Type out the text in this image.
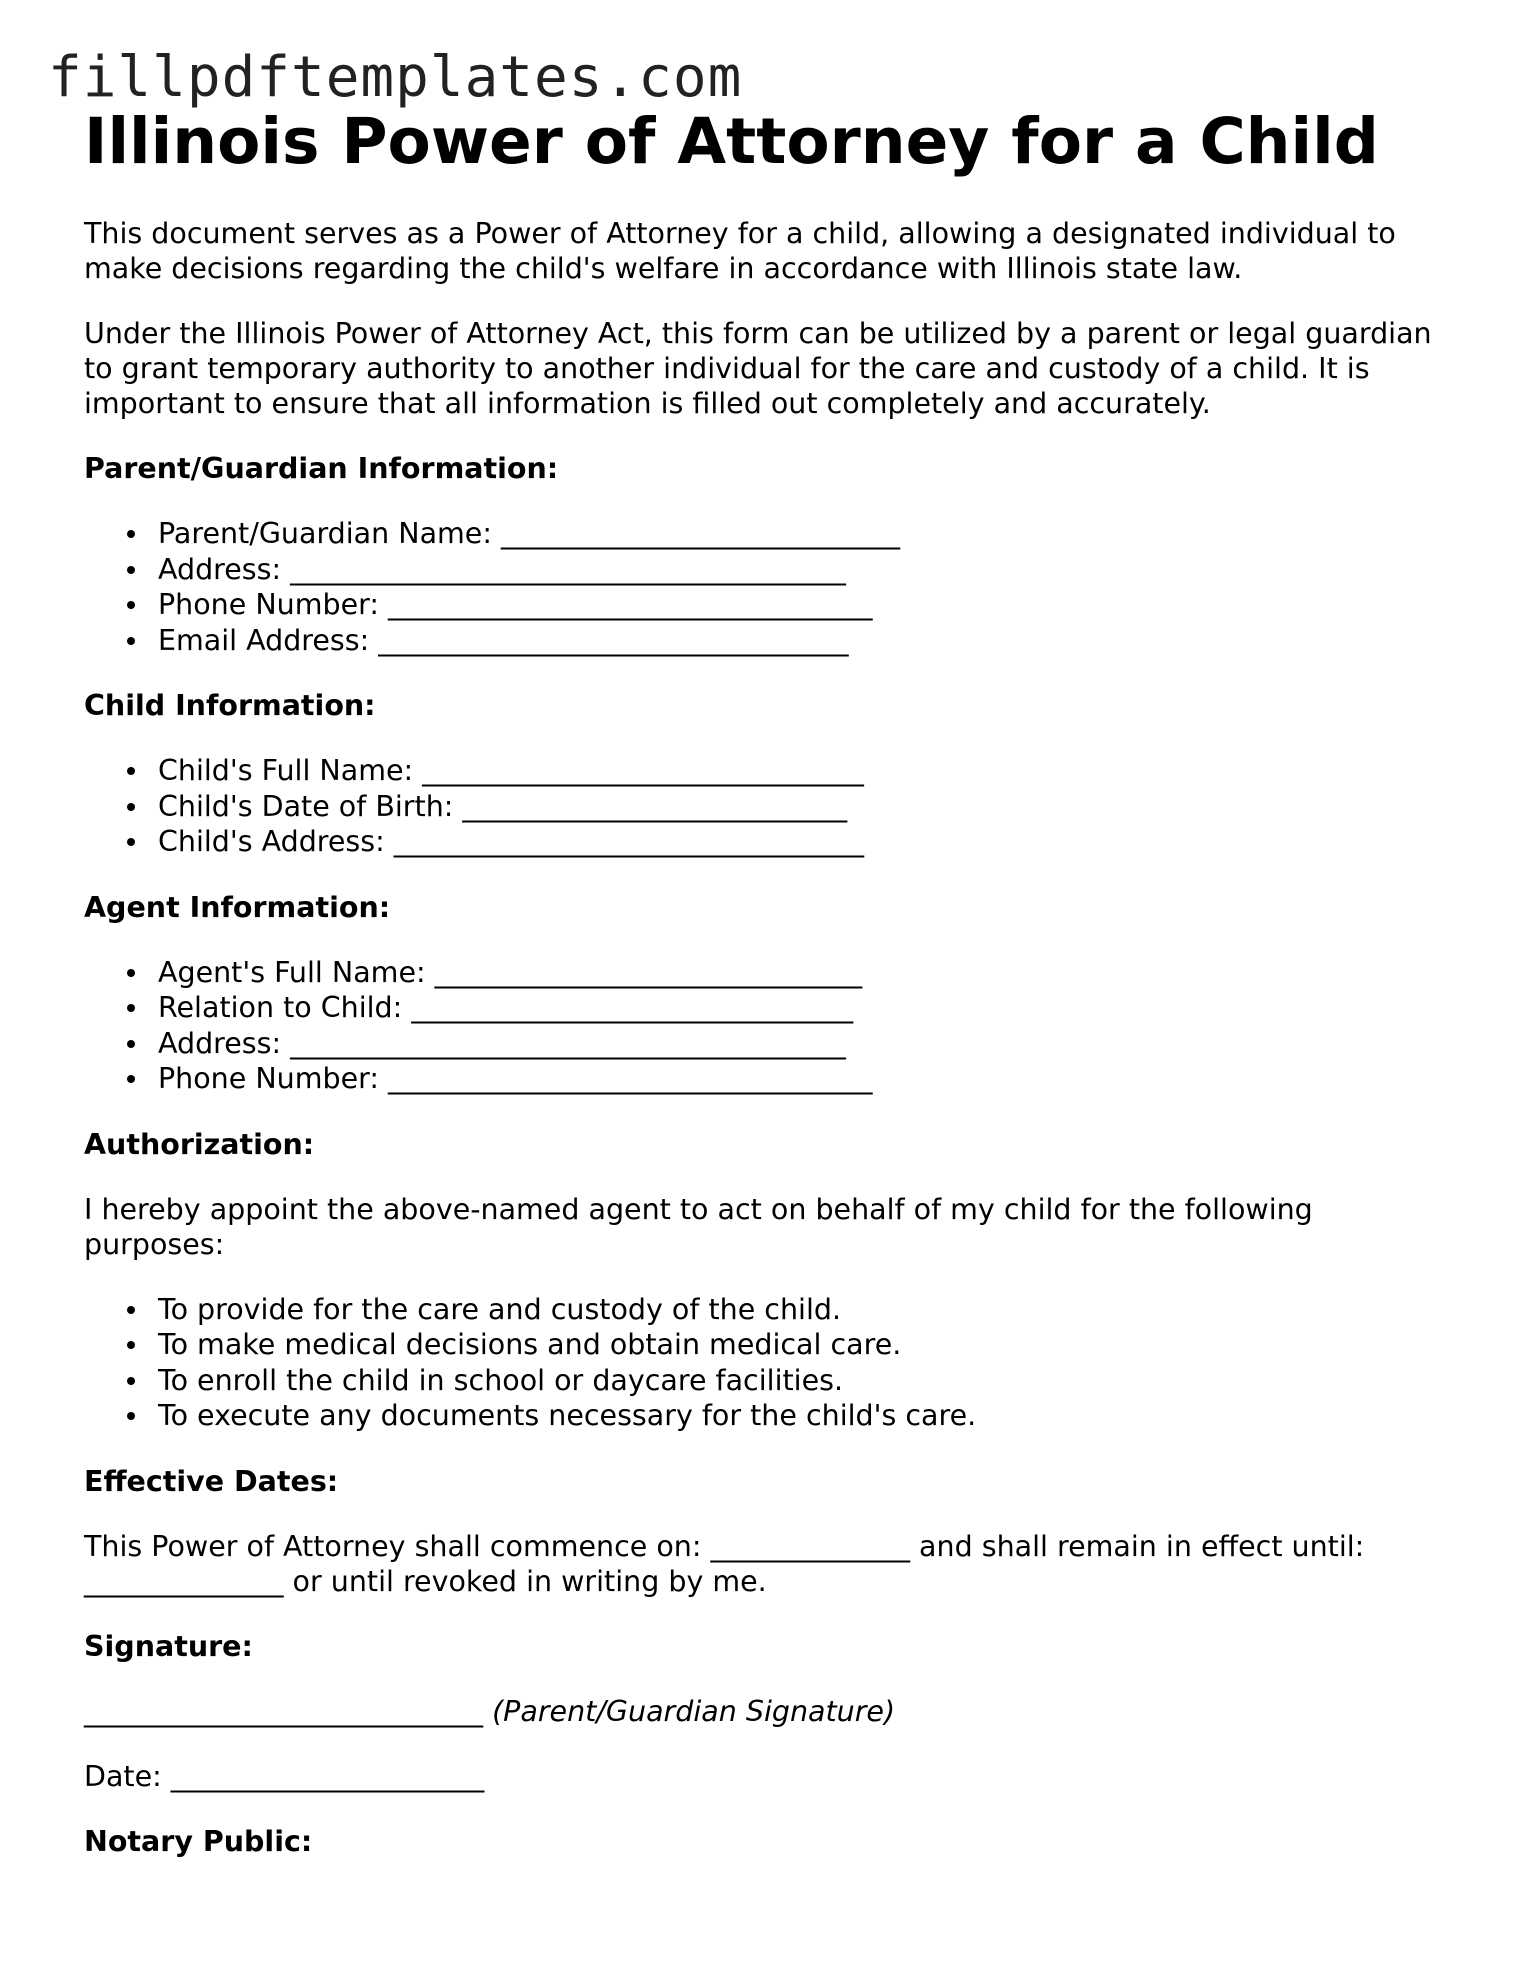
fillpdftemplates.com
Illinois Power of Attorney for a Child

This document serves as a Power of Attorney for a child, allowing a designated individual to make decisions regarding the child's welfare in accordance with Illinois state law.

Under the Illinois Power of Attorney Act, this form can be utilized by a parent or legal guardian to grant temporary authority to another individual for the care and custody of a child. It is important to ensure that all information is filled out completely and accurately.

Parent/Guardian Information:
Parent/Guardian Name: ____________________________
Address: _______________________________________
Phone Number: __________________________________
Email Address: _________________________________
Child Information:
Child's Full Name: _______________________________
Child's Date of Birth: ___________________________
Child's Address: _________________________________
Agent Information:
Agent's Full Name: ______________________________
Relation to Child: _______________________________
Address: _______________________________________
Phone Number: __________________________________
Authorization:

I hereby appoint the above-named agent to act on behalf of my child for the following purposes:

To provide for the care and custody of the child.
To make medical decisions and obtain medical care.
To enroll the child in school or daycare facilities.
To execute any documents necessary for the child's care.
Effective Dates:

This Power of Attorney shall commence on: ______________ and shall remain in effect until: ______________ or until revoked in writing by me.

Signature:

____________________________ (Parent/Guardian Signature)

Date: ______________________

Notary Public:
